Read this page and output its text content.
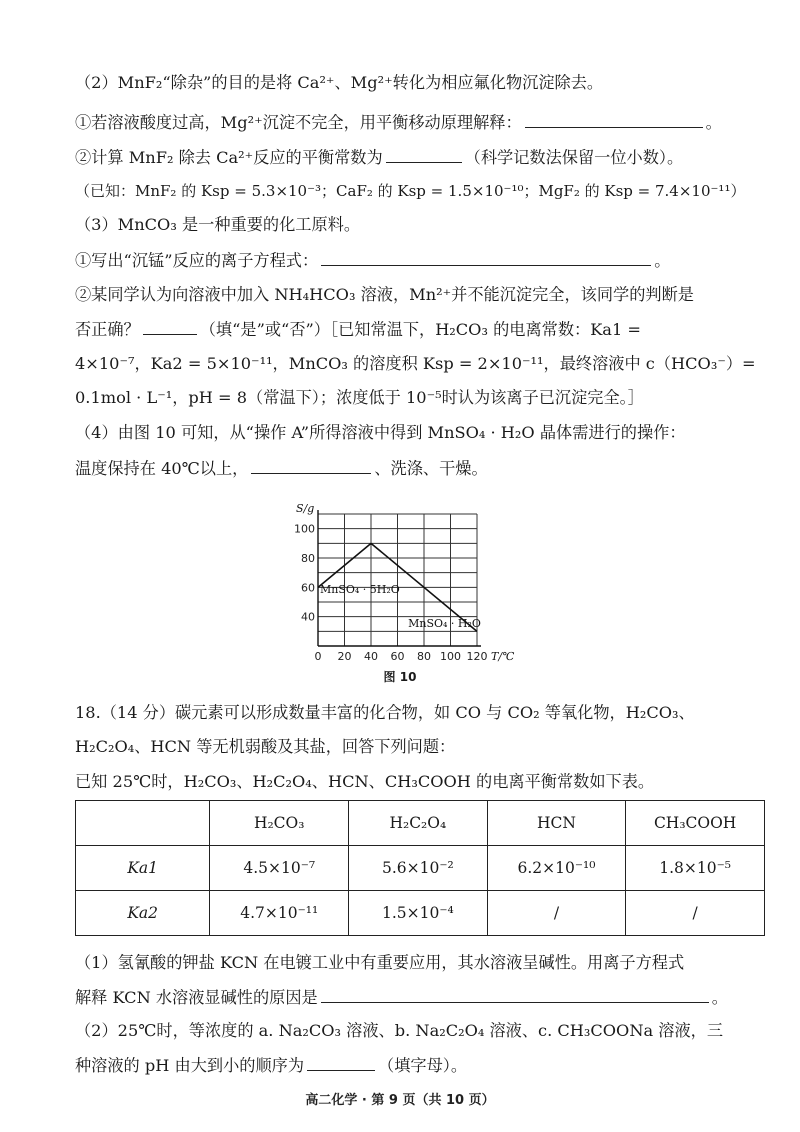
（2）MnF₂“除杂”的目的是将 Ca²⁺、Mg²⁺转化为相应氟化物沉淀除去。
①若溶液酸度过高，Mg²⁺沉淀不完全，用平衡移动原理解释：	。
②计算 MnF₂ 除去 Ca²⁺反应的平衡常数为	（科学记数法保留一位小数）。
（已知：MnF₂ 的 Ksp = 5.3×10⁻³；CaF₂ 的 Ksp = 1.5×10⁻¹⁰；MgF₂ 的 Ksp = 7.4×10⁻¹¹）
（3）MnCO₃ 是一种重要的化工原料。
①写出“沉锰”反应的离子方程式：	。
②某同学认为向溶液中加入 NH₄HCO₃ 溶液，Mn²⁺并不能沉淀完全，该同学的判断是
否正确？	（填“是”或“否”）［已知常温下，H₂CO₃ 的电离常数：Ka1 =
4×10⁻⁷，Ka2 = 5×10⁻¹¹，MnCO₃ 的溶度积 Ksp = 2×10⁻¹¹，最终溶液中 c（HCO₃⁻）=
0.1mol · L⁻¹，pH = 8（常温下）；浓度低于 10⁻⁵时认为该离子已沉淀完全。］
（4）由图 10 可知，从“操作 A”所得溶液中得到 MnSO₄ · H₂O 晶体需进行的操作：
温度保持在 40℃以上，	、洗涤、干燥。
0 20 40 60 80 100 120
40
60
80
100
S/g
T/℃
MnSO₄ · 5H₂O
MnSO₄ · H₂O
图 10
18.（14 分）碳元素可以形成数量丰富的化合物，如 CO 与 CO₂ 等氧化物，H₂CO₃、
H₂C₂O₄、HCN 等无机弱酸及其盐，回答下列问题：
已知 25℃时，H₂CO₃、H₂C₂O₄、HCN、CH₃COOH 的电离平衡常数如下表。
	H₂CO₃	H₂C₂O₄	HCN	CH₃COOH
Ka1	4.5×10⁻⁷	5.6×10⁻²	6.2×10⁻¹⁰	1.8×10⁻⁵
Ka2	4.7×10⁻¹¹	1.5×10⁻⁴	/	/
（1）氢氰酸的钾盐 KCN 在电镀工业中有重要应用，其水溶液呈碱性。用离子方程式
解释 KCN 水溶液显碱性的原因是	。
（2）25℃时，等浓度的 a. Na₂CO₃ 溶液、b. Na₂C₂O₄ 溶液、c. CH₃COONa 溶液，三
种溶液的 pH 由大到小的顺序为	（填字母）。
高二化学 · 第 9 页（共 10 页）
